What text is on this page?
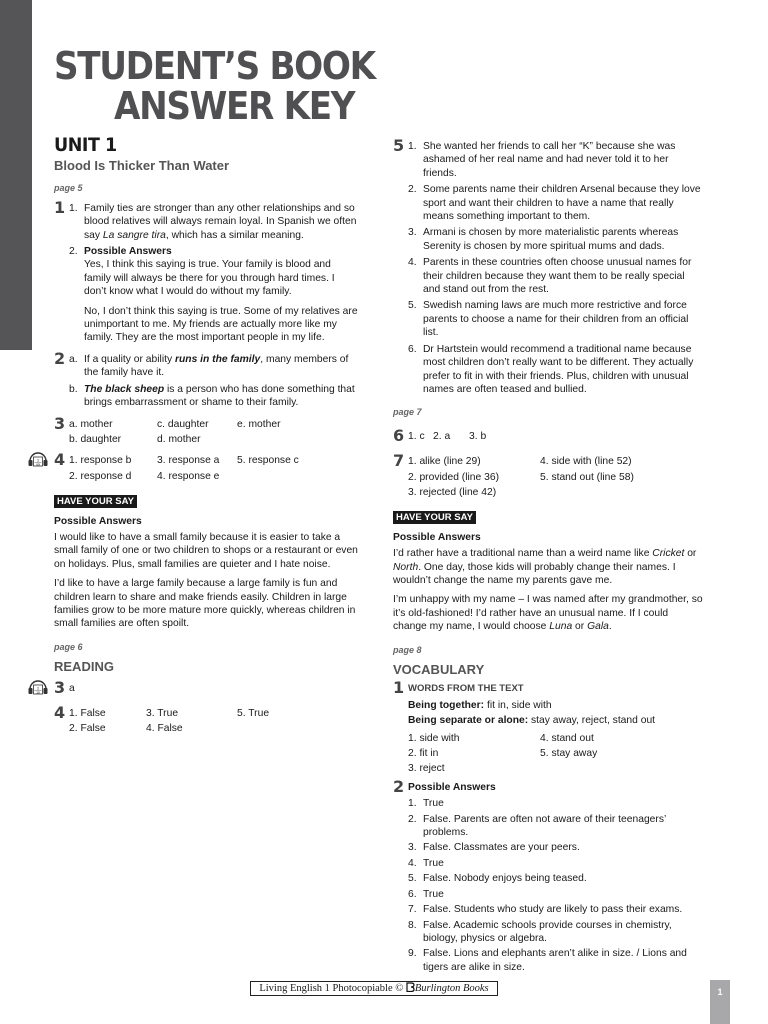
STUDENT’S BOOK
ANSWER KEY
UNIT 1
Blood Is Thicker Than Water
page 5
1 1. Family ties are stronger than any other relationships and so blood relatives will always remain loyal. In Spanish we often say La sangre tira, which has a similar meaning.
2. Possible Answers

Yes, I think this saying is true. Your family is blood and family will always be there for you through hard times. I don’t know what I would do without my family.

No, I don’t think this saying is true. Some of my relatives are unimportant to me. My friends are actually more like my family. They are the most important people in my life.

2 a. If a quality or ability runs in the family, many members of the family have it.
b. The black sheep is a person who has done something that brings embarrassment or shame to their family.
3 a. mother	c. daughter	e. mother
b. daughter	d. mother
1
09 4 1. response b	3. response a	5. response c
2. response d	4. response e
HAVE YOUR SAY
Possible Answers

I would like to have a small family because it is easier to take a small family of one or two children to shops or a restaurant or even on holidays. Plus, small families are quieter and I hate noise.

I’d like to have a large family because a large family is fun and children learn to share and make friends easily. Children in large families grow to be more mature more quickly, whereas children in small families are often spoilt.

page 6
READING
1
10 3 a
4 1. False	3. True	5. True
2. False	4. False
5 1. She wanted her friends to call her “K” because she was ashamed of her real name and had never told it to her friends.
2. Some parents name their children Arsenal because they love sport and want their children to have a name that really means something important to them.
3. Armani is chosen by more materialistic parents whereas Serenity is chosen by more spiritual mums and dads.
4. Parents in these countries often choose unusual names for their children because they want them to be really special and stand out from the rest.
5. Swedish naming laws are much more restrictive and force parents to choose a name for their children from an official list.
6. Dr Hartstein would recommend a traditional name because most children don’t really want to be different. They actually prefer to fit in with their friends. Plus, children with unusual names are often teased and bullied.
page 7
6 1. c 2. a	3. b
7 1. alike (line 29)	4. side with (line 52)
2. provided (line 36)	5. stand out (line 58)
3. rejected (line 42)
HAVE YOUR SAY
Possible Answers

I’d rather have a traditional name than a weird name like Cricket or North. One day, those kids will probably change their names. I wouldn’t change the name my parents gave me.

I’m unhappy with my name – I was named after my grandmother, so it’s old-fashioned! I’d rather have an unusual name. If I could change my name, I would choose Luna or Gala.

page 8
VOCABULARY
1 WORDS FROM THE TEXT
Being together: fit in, side with
Being separate or alone: stay away, reject, stand out
1. side with	4. stand out
2. fit in	5. stay away
3. reject
2 Possible Answers
1. True
2. False. Parents are often not aware of their teenagers’ problems.
3. False. Classmates are your peers.
4. True
5. False. Nobody enjoys being teased.
6. True
7. False. Students who study are likely to pass their exams.
8. False. Academic schools provide courses in chemistry, biology, physics or algebra.
9. False. Lions and elephants aren’t alike in size. / Lions and tigers are alike in size.
Living English 1 Photocopiable © Burlington Books	1
